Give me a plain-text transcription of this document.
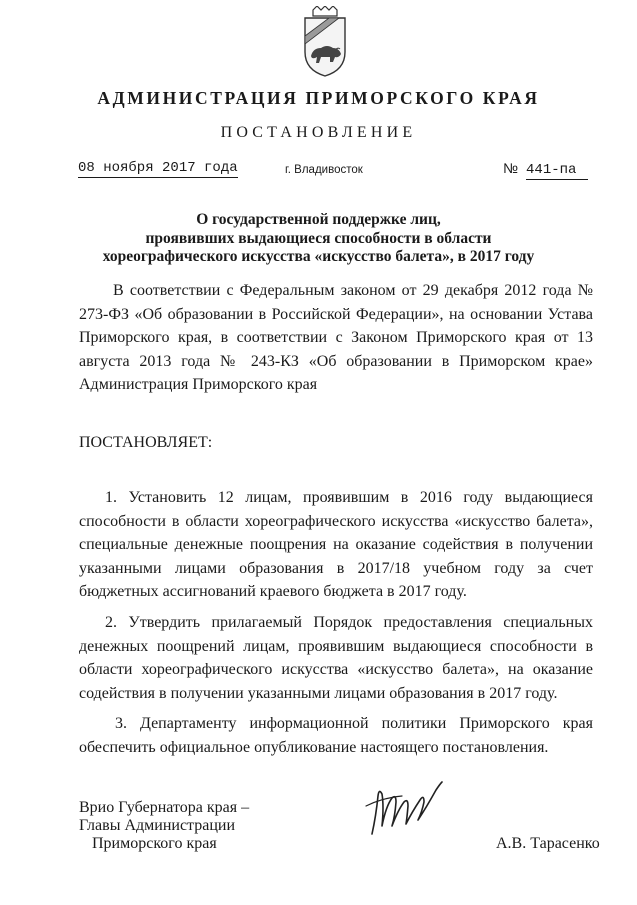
АДМИНИСТРАЦИЯ ПРИМОРСКОГО КРАЯ
ПОСТАНОВЛЕНИЕ
08 ноября 2017 года	г. Владивосток	№ 441-па
О государственной поддержке лиц,
проявивших выдающиеся способности в области
хореографического искусства «искусство балета», в 2017 году
В соответствии с Федеральным законом от 29 декабря 2012 года № 273-ФЗ «Об образовании в Российской Федерации», на основании Устава Приморского края, в соответствии с Законом Приморского края от 13 августа 2013 года № 243-КЗ «Об образовании в Приморском крае» Администрация Приморского края
ПОСТАНОВЛЯЕТ:
1. Установить 12 лицам, проявившим в 2016 году выдающиеся способности в области хореографического искусства «искусство балета», специальные денежные поощрения на оказание содействия в получении указанными лицами образования в 2017/18 учебном году за счет бюджетных ассигнований краевого бюджета в 2017 году.
2. Утвердить прилагаемый Порядок предоставления специальных денежных поощрений лицам, проявившим выдающиеся способности в области хореографического искусства «искусство балета», на оказание содействия в получении указанными лицами образования в 2017 году.
3. Департаменту информационной политики Приморского края обеспечить официальное опубликование настоящего постановления.
Врио Губернатора края –
Главы Администрации
Приморского края	А.В. Тарасенко
